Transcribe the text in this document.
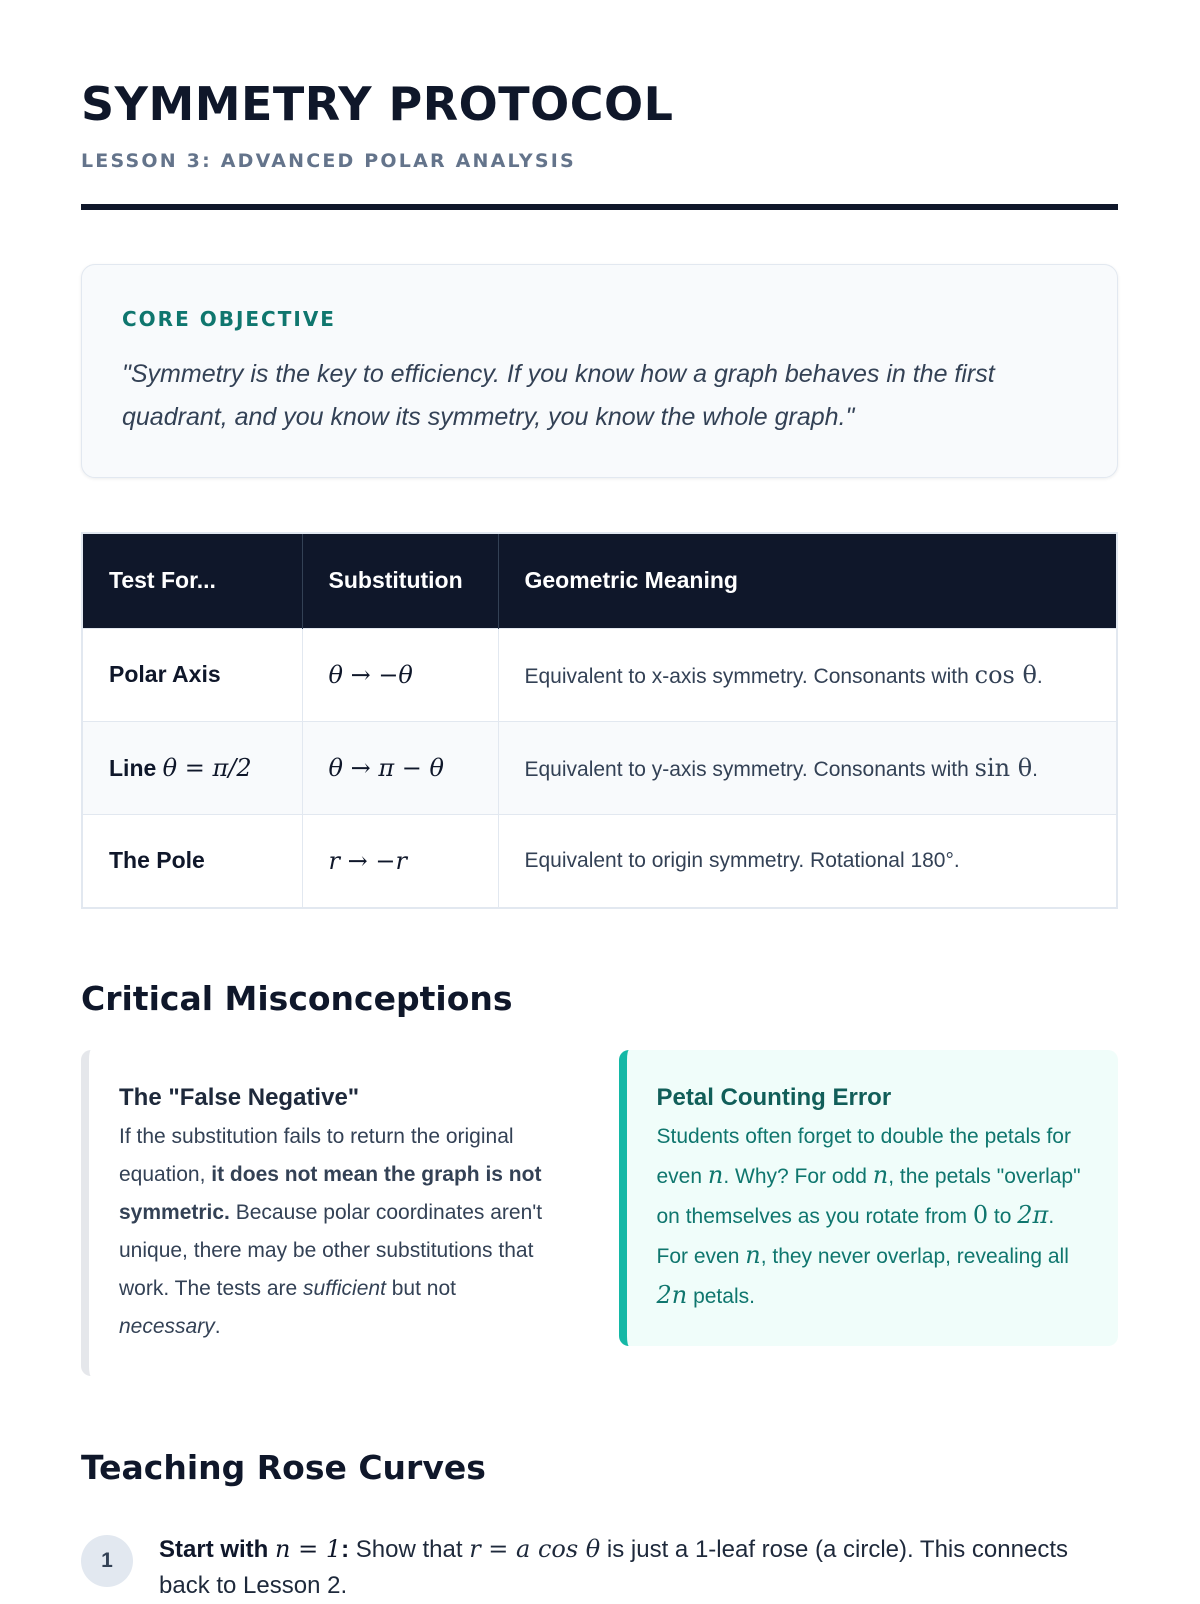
SYMMETRY PROTOCOL
LESSON 3: ADVANCED POLAR ANALYSIS
CORE OBJECTIVE
"Symmetry is the key to efficiency. If you know how a graph behaves in the first quadrant, and you know its symmetry, you know the whole graph."
Test For...	Substitution	Geometric Meaning
Polar Axis	θ → −θ	Equivalent to x-axis symmetry. Consonants with cos θ.
Line θ = π/2	θ → π − θ	Equivalent to y-axis symmetry. Consonants with sin θ.
The Pole	r → −r	Equivalent to origin symmetry. Rotational 180°.
Critical Misconceptions
The "False Negative"

If the substitution fails to return the original equation, it does not mean the graph is not symmetric. Because polar coordinates aren't unique, there may be other substitutions that work. The tests are sufficient but not necessary.

Petal Counting Error

Students often forget to double the petals for even n. Why? For odd n, the petals "overlap" on themselves as you rotate from 0 to 2π. For even n, they never overlap, revealing all 2n petals.

Teaching Rose Curves
1	Start with n = 1: Show that r = a cos θ is just a 1-leaf rose (a circle). This connects back to Lesson 2.
